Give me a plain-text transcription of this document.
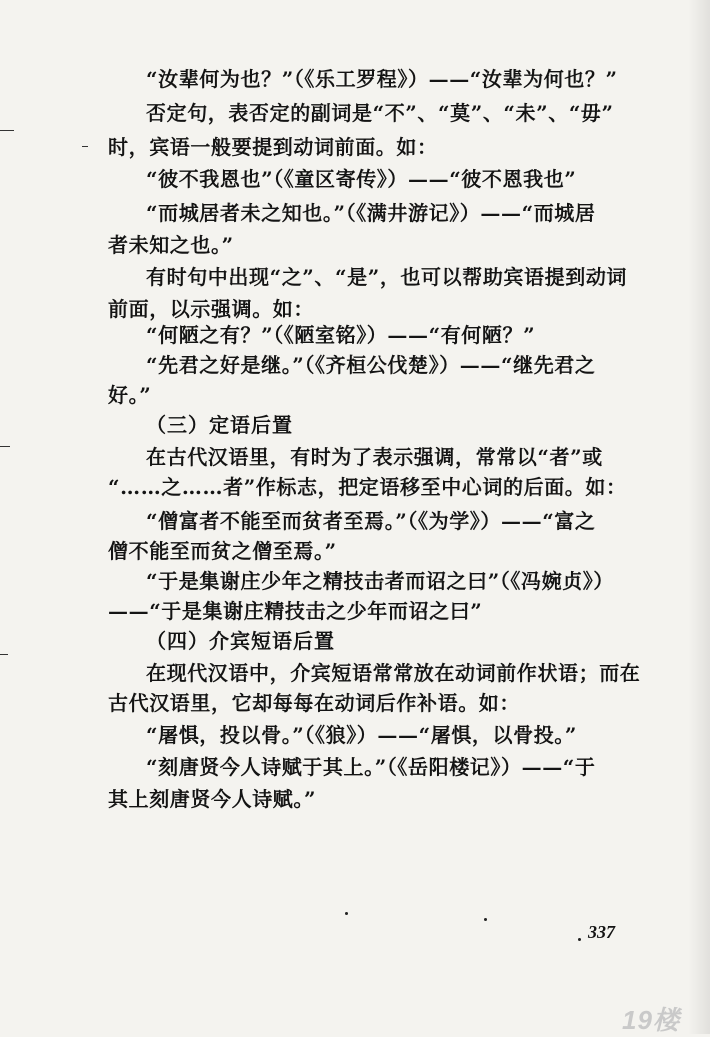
“汝辈何为也？”（《乐工罗程》）——“汝辈为何也？”
否定句，表否定的副词是“不”、“莫”、“未”、“毋”
时，宾语一般要提到动词前面。如：
“彼不我恩也”（《童区寄传》）——“彼不恩我也”
“而城居者未之知也。”（《满井游记》）——“而城居
者未知之也。”
有时句中出现“之”、“是”，也可以帮助宾语提到动词
前面，以示强调。如：
“何陋之有？”（《陋室铭》）——“有何陋？”
“先君之好是继。”（《齐桓公伐楚》）——“继先君之
好。”
（三）定语后置
在古代汉语里，有时为了表示强调，常常以“者”或
“……之……者”作标志，把定语移至中心词的后面。如：
“僧富者不能至而贫者至焉。”（《为学》）——“富之
僧不能至而贫之僧至焉。”
“于是集谢庄少年之精技击者而诏之曰”（《冯婉贞》）
——“于是集谢庄精技击之少年而诏之曰”
（四）介宾短语后置
在现代汉语中，介宾短语常常放在动词前作状语；而在
古代汉语里，它却每每在动词后作补语。如：
“屠惧，投以骨。”（《狼》）——“屠惧，以骨投。”
“刻唐贤今人诗赋于其上。”（《岳阳楼记》）——“于
其上刻唐贤今人诗赋。”
337
19楼
